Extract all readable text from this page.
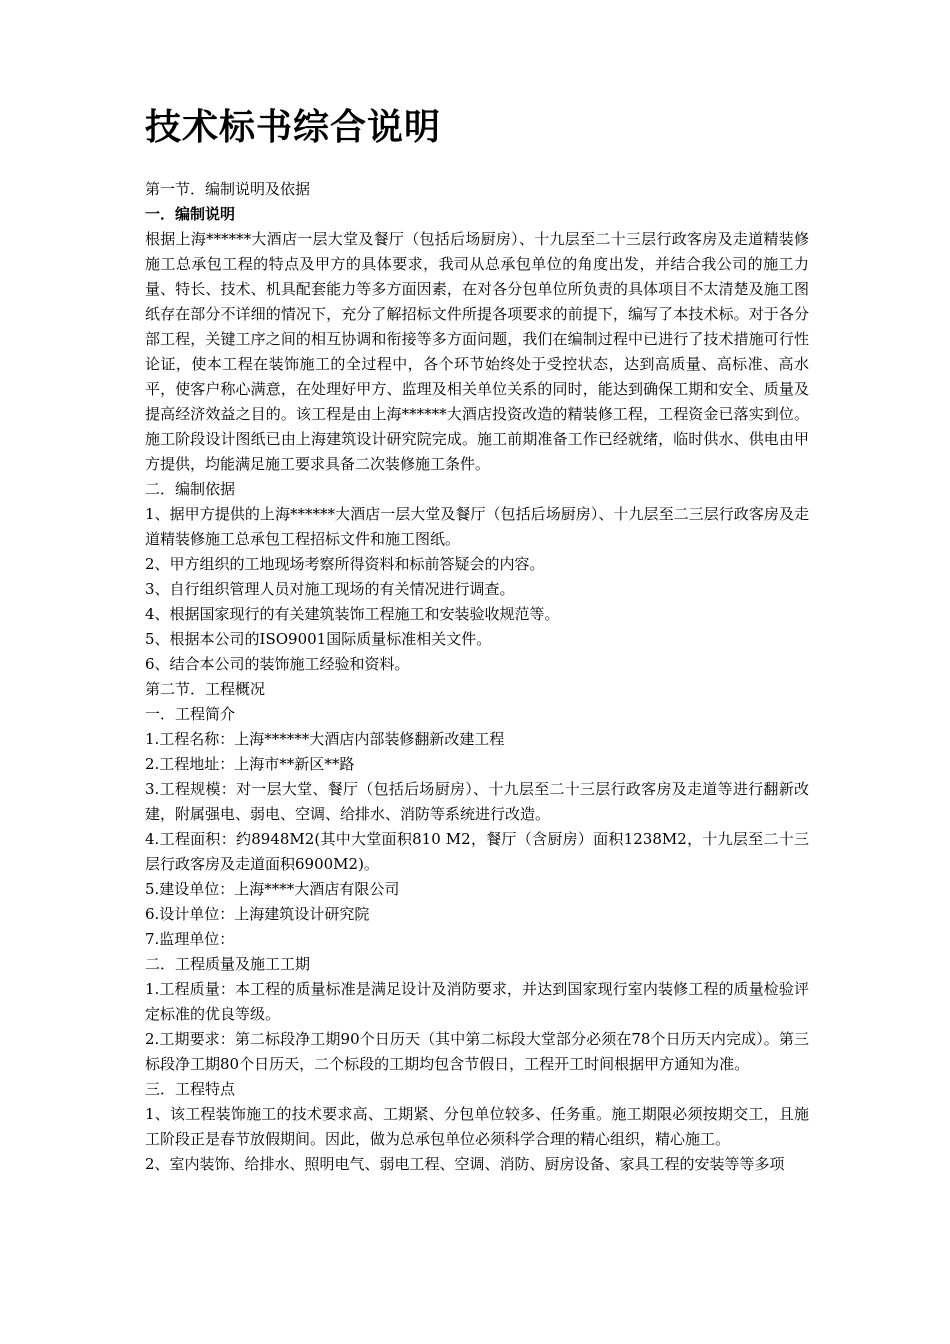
技术标书综合说明

第一节．编制说明及依据

一．编制说明

根据上海******大酒店一层大堂及餐厅（包括后场厨房）、十九层至二十三层行政客房及走道精装修施工总承包工程的特点及甲方的具体要求，我司从总承包单位的角度出发，并结合我公司的施工力量、特长、技术、机具配套能力等多方面因素，在对各分包单位所负责的具体项目不太清楚及施工图纸存在部分不详细的情况下，充分了解招标文件所提各项要求的前提下，编写了本技术标。对于各分部工程，关键工序之间的相互协调和衔接等多方面问题，我们在编制过程中已进行了技术措施可行性论证，使本工程在装饰施工的全过程中，各个环节始终处于受控状态，达到高质量、高标准、高水平，使客户称心满意，在处理好甲方、监理及相关单位关系的同时，能达到确保工期和安全、质量及提高经济效益之目的。该工程是由上海******大酒店投资改造的精装修工程，工程资金已落实到位。施工阶段设计图纸已由上海建筑设计研究院完成。施工前期准备工作已经就绪，临时供水、供电由甲方提供，均能满足施工要求具备二次装修施工条件。

二．编制依据

1、据甲方提供的上海******大酒店一层大堂及餐厅（包括后场厨房）、十九层至二三层行政客房及走道精装修施工总承包工程招标文件和施工图纸。

2、甲方组织的工地现场考察所得资料和标前答疑会的内容。

3、自行组织管理人员对施工现场的有关情况进行调查。

4、根据国家现行的有关建筑装饰工程施工和安装验收规范等。

5、根据本公司的ISO9001国际质量标准相关文件。

6、结合本公司的装饰施工经验和资料。

第二节．工程概况

一．工程简介

1.工程名称：上海******大酒店内部装修翻新改建工程

2.工程地址：上海市**新区**路

3.工程规模：对一层大堂、餐厅（包括后场厨房）、十九层至二十三层行政客房及走道等进行翻新改建，附属强电、弱电、空调、给排水、消防等系统进行改造。

4.工程面积：约8948M2(其中大堂面积810 M2，餐厅（含厨房）面积1238M2，十九层至二十三层行政客房及走道面积6900M2)。

5.建设单位：上海****大酒店有限公司

6.设计单位：上海建筑设计研究院

7.监理单位：

二．工程质量及施工工期

1.工程质量：本工程的质量标准是满足设计及消防要求，并达到国家现行室内装修工程的质量检验评定标准的优良等级。

2.工期要求：第二标段净工期90个日历天（其中第二标段大堂部分必须在78个日历天内完成）。第三标段净工期80个日历天，二个标段的工期均包含节假日，工程开工时间根据甲方通知为准。

三．工程特点

1、该工程装饰施工的技术要求高、工期紧、分包单位较多、任务重。施工期限必须按期交工，且施工阶段正是春节放假期间。因此，做为总承包单位必须科学合理的精心组织，精心施工。

2、室内装饰、给排水、照明电气、弱电工程、空调、消防、厨房设备、家具工程的安装等等多项
